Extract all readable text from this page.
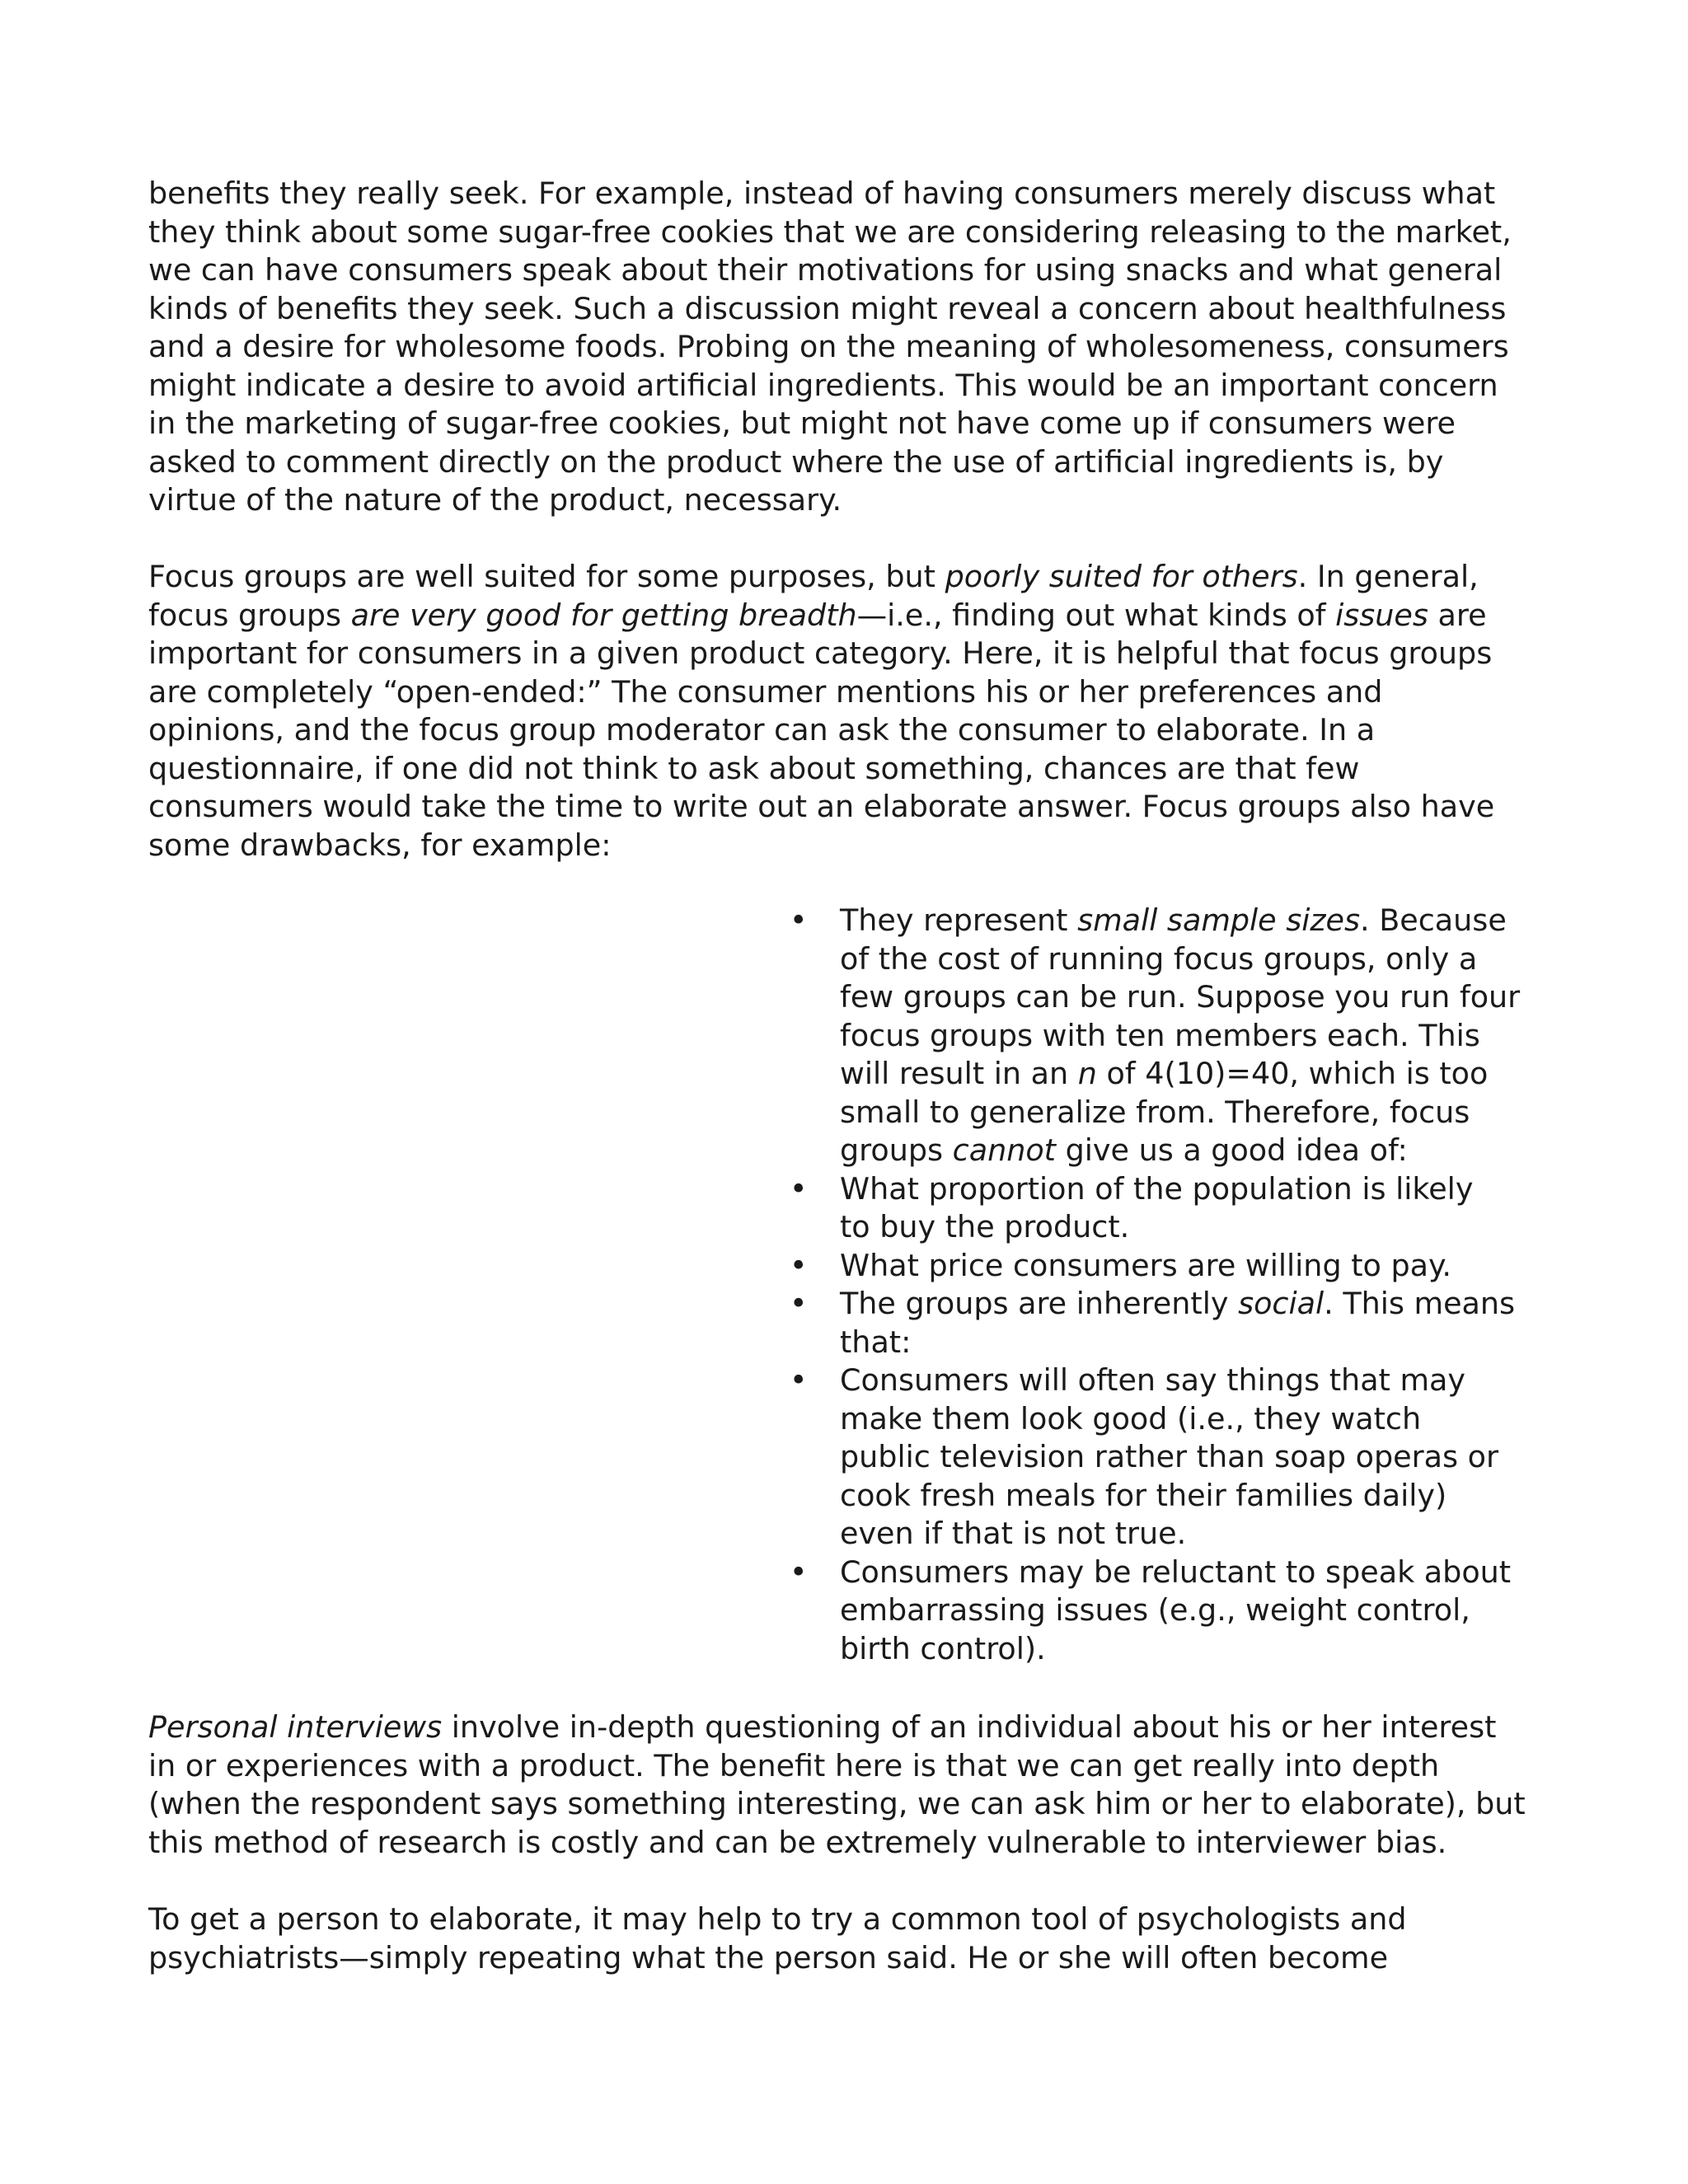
benefits they really seek. For example, instead of having consumers merely discuss what
they think about some sugar-free cookies that we are considering releasing to the market,
we can have consumers speak about their motivations for using snacks and what general
kinds of benefits they seek. Such a discussion might reveal a concern about healthfulness
and a desire for wholesome foods. Probing on the meaning of wholesomeness, consumers
might indicate a desire to avoid artificial ingredients. This would be an important concern
in the marketing of sugar-free cookies, but might not have come up if consumers were
asked to comment directly on the product where the use of artificial ingredients is, by
virtue of the nature of the product, necessary.

Focus groups are well suited for some purposes, but poorly suited for others. In general,
focus groups are very good for getting breadth—i.e., finding out what kinds of issues are
important for consumers in a given product category. Here, it is helpful that focus groups
are completely “open-ended:” The consumer mentions his or her preferences and
opinions, and the focus group moderator can ask the consumer to elaborate. In a
questionnaire, if one did not think to ask about something, chances are that few
consumers would take the time to write out an elaborate answer. Focus groups also have
some drawbacks, for example:

• They represent small sample sizes. Because
of the cost of running focus groups, only a
few groups can be run. Suppose you run four
focus groups with ten members each. This
will result in an n of 4(10)=40, which is too
small to generalize from. Therefore, focus
groups cannot give us a good idea of:
• What proportion of the population is likely
to buy the product.
• What price consumers are willing to pay.
• The groups are inherently social. This means
that:
• Consumers will often say things that may
make them look good (i.e., they watch
public television rather than soap operas or
cook fresh meals for their families daily)
even if that is not true.
• Consumers may be reluctant to speak about
embarrassing issues (e.g., weight control,
birth control).

Personal interviews involve in-depth questioning of an individual about his or her interest
in or experiences with a product. The benefit here is that we can get really into depth
(when the respondent says something interesting, we can ask him or her to elaborate), but
this method of research is costly and can be extremely vulnerable to interviewer bias.

To get a person to elaborate, it may help to try a common tool of psychologists and
psychiatrists—simply repeating what the person said. He or she will often become
